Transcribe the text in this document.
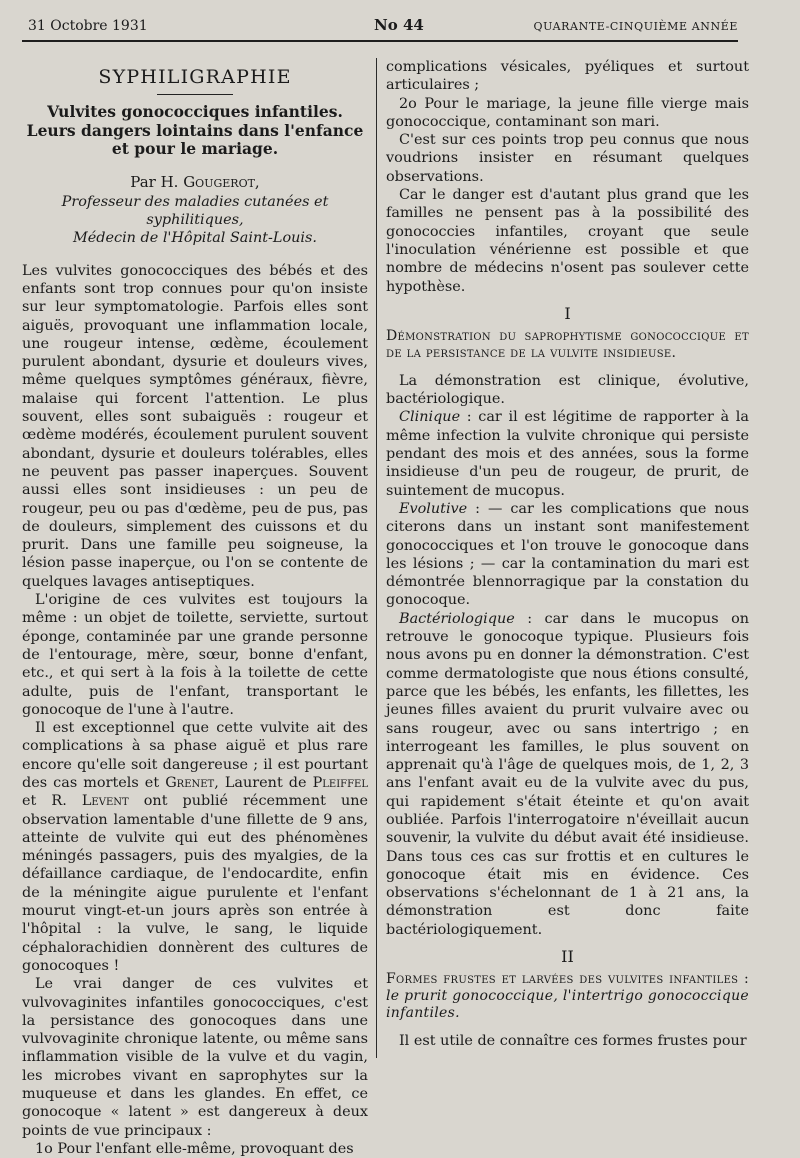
31 Octobre 1931	No 44	QUARANTE-CINQUIÈME ANNÉE
SYPHILIGRAPHIE
Vulvites gonococciques infantiles.
Leurs dangers lointains dans l'enfance
et pour le mariage.
Par H. Gougerot,
Professeur des maladies cutanées et syphilitiques,
Médecin de l'Hôpital Saint-Louis.

Les vulvites gonococciques des bébés et des enfants sont trop connues pour qu'on insiste sur leur symptomatologie. Parfois elles sont aiguës, provoquant une inflammation locale, une rougeur intense, œdème, écoulement purulent abondant, dysurie et douleurs vives, même quelques symptômes généraux, fièvre, malaise qui forcent l'attention. Le plus souvent, elles sont subaiguës : rougeur et œdème modérés, écoulement purulent souvent abondant, dysurie et douleurs tolérables, elles ne peuvent pas passer inaperçues. Souvent aussi elles sont insidieuses : un peu de rougeur, peu ou pas d'œdème, peu de pus, pas de douleurs, simplement des cuissons et du prurit. Dans une famille peu soigneuse, la lésion passe inaperçue, ou l'on se contente de quelques lavages antiseptiques.

L'origine de ces vulvites est toujours la même : un objet de toilette, serviette, surtout éponge, contaminée par une grande personne de l'entourage, mère, sœur, bonne d'enfant, etc., et qui sert à la fois à la toilette de cette adulte, puis de l'enfant, transportant le gonocoque de l'une à l'autre.

Il est exceptionnel que cette vulvite ait des complications à sa phase aiguë et plus rare encore qu'elle soit dangereuse ; il est pourtant des cas mortels et Grenet, Laurent de Pleiffel et R. Levent ont publié récemment une observation lamentable d'une fillette de 9 ans, atteinte de vulvite qui eut des phénomènes méningés passagers, puis des myalgies, de la défaillance cardiaque, de l'endocardite, enfin de la méningite aigue purulente et l'enfant mourut vingt-et-un jours après son entrée à l'hôpital : la vulve, le sang, le liquide céphalorachidien donnèrent des cultures de gonocoques !

Le vrai danger de ces vulvites et vulvovaginites infantiles gonococciques, c'est la persistance des gonocoques dans une vulvovaginite chronique latente, ou même sans inflammation visible de la vulve et du vagin, les microbes vivant en saprophytes sur la muqueuse et dans les glandes. En effet, ce gonocoque « latent » est dangereux à deux points de vue principaux :

1o Pour l'enfant elle-même, provoquant des

complications vésicales, pyéliques et surtout articulaires ;

2o Pour le mariage, la jeune fille vierge mais gonococcique, contaminant son mari.

C'est sur ces points trop peu connus que nous voudrions insister en résumant quelques observations.

Car le danger est d'autant plus grand que les familles ne pensent pas à la possibilité des gonococcies infantiles, croyant que seule l'inoculation vénérienne est possible et que nombre de médecins n'osent pas soulever cette hypothèse.

I
Démonstration du saprophytisme gonococcique et de la persistance de la vulvite insidieuse.

La démonstration est clinique, évolutive, bactériologique.

Clinique : car il est légitime de rapporter à la même infection la vulvite chronique qui persiste pendant des mois et des années, sous la forme insidieuse d'un peu de rougeur, de prurit, de suintement de mucopus.

Evolutive : — car les complications que nous citerons dans un instant sont manifestement gonococciques et l'on trouve le gonocoque dans les lésions ; — car la contamination du mari est démontrée blennorragique par la constation du gonocoque.

Bactériologique : car dans le mucopus on retrouve le gonocoque typique. Plusieurs fois nous avons pu en donner la démonstration. C'est comme dermatologiste que nous étions consulté, parce que les bébés, les enfants, les fillettes, les jeunes filles avaient du prurit vulvaire avec ou sans rougeur, avec ou sans intertrigo ; en interrogeant les familles, le plus souvent on apprenait qu'à l'âge de quelques mois, de 1, 2, 3 ans l'enfant avait eu de la vulvite avec du pus, qui rapidement s'était éteinte et qu'on avait oubliée. Parfois l'interrogatoire n'éveillait aucun souvenir, la vulvite du début avait été insidieuse. Dans tous ces cas sur frottis et en cultures le gonocoque était mis en évidence. Ces observations s'échelonnant de 1 à 21 ans, la démonstration est donc faite bactériologiquement.

II
Formes frustes et larvées des vulvites infantiles : le prurit gonococcique, l'intertrigo gonococcique infantiles.

Il est utile de connaître ces formes frustes pour
